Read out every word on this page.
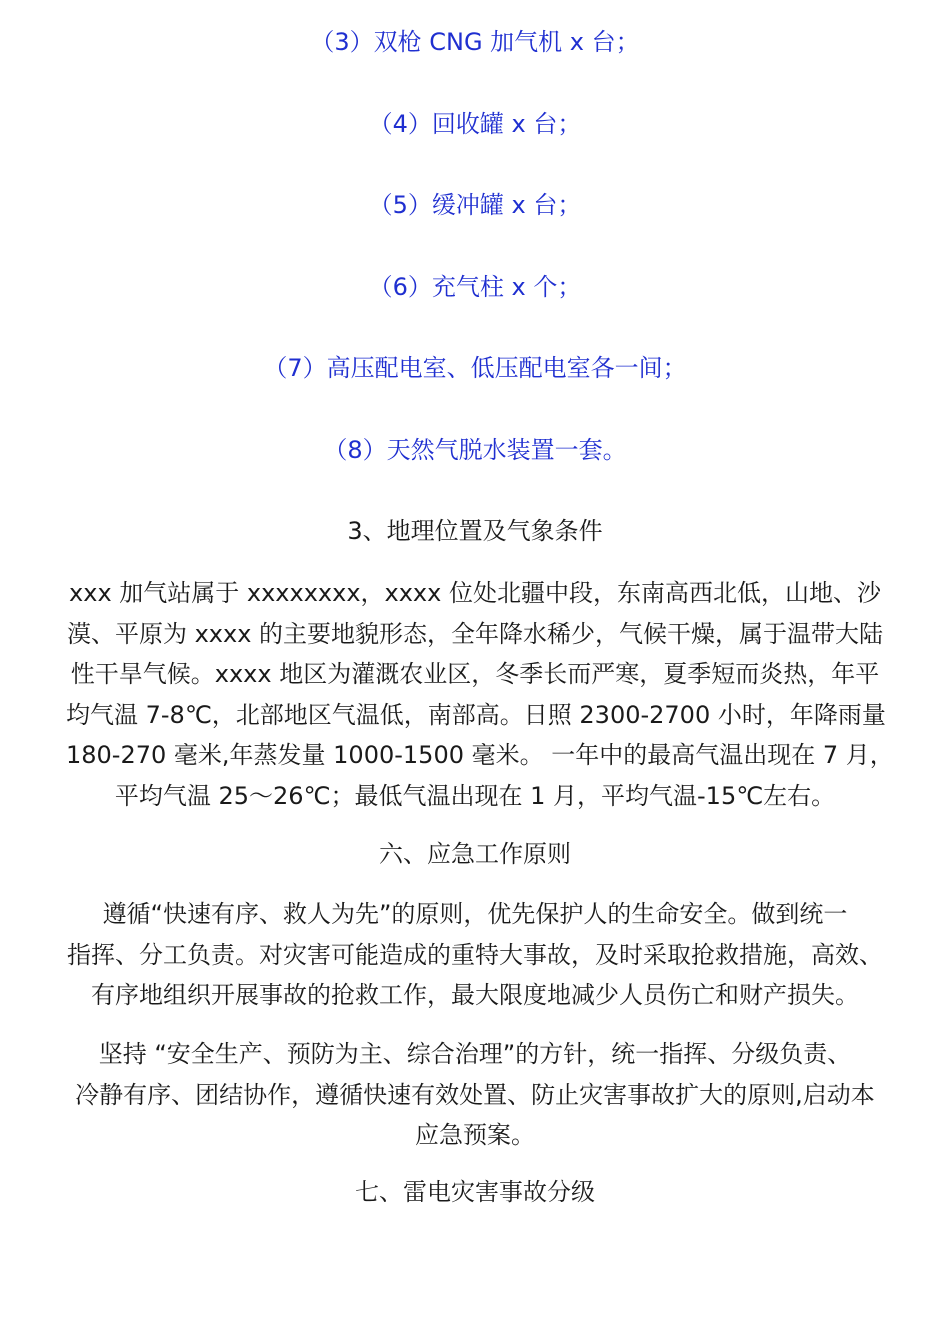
（3）双枪 CNG 加气机 x 台；
（4）回收罐 x 台；
（5）缓冲罐 x 台；
（6）充气柱 x 个；
（7）高压配电室、低压配电室各一间；
（8）天然气脱水装置一套。
3、地理位置及气象条件
xxx 加气站属于 xxxxxxxx，xxxx 位处北疆中段，东南高西北低，山地、沙
漠、平原为 xxxx 的主要地貌形态，全年降水稀少，气候干燥，属于温带大陆
性干旱气候。xxxx 地区为灌溉农业区，冬季长而严寒，夏季短而炎热，年平
均气温 7-8℃，北部地区气温低，南部高。日照 2300-2700 小时，年降雨量
180-270 毫米,年蒸发量 1000-1500 毫米。 一年中的最高气温出现在 7 月，
平均气温 25～26℃；最低气温出现在 1 月，平均气温-15℃左右。
六、应急工作原则
遵循“快速有序、救人为先”的原则，优先保护人的生命安全。做到统一
指挥、分工负责。对灾害可能造成的重特大事故，及时采取抢救措施，高效、
有序地组织开展事故的抢救工作，最大限度地减少人员伤亡和财产损失。
坚持 “安全生产、预防为主、综合治理”的方针，统一指挥、分级负责、
冷静有序、团结协作，遵循快速有效处置、防止灾害事故扩大的原则,启动本
应急预案。
七、雷电灾害事故分级
